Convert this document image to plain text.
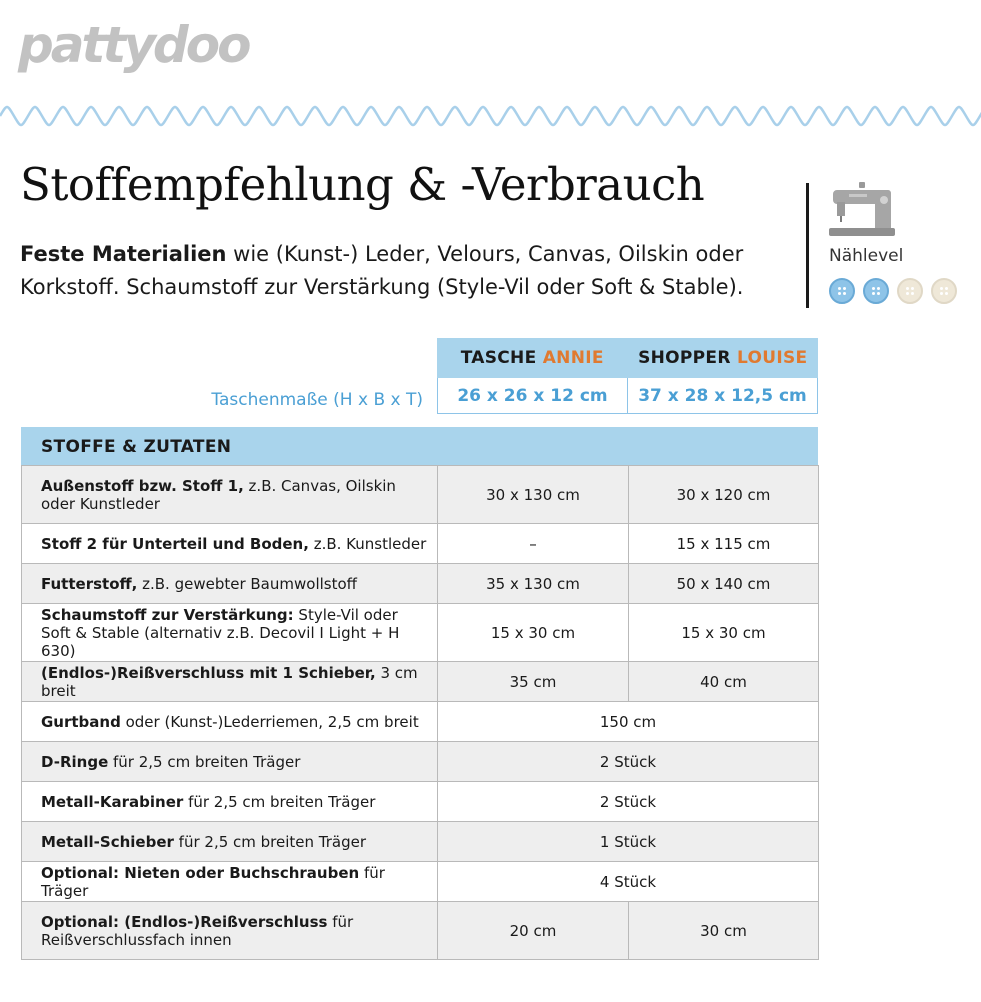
pattydoo
Stoffempfehlung & -Verbrauch

Feste Materialien wie (Kunst-) Leder, Velours, Canvas, Oilskin oder Korkstoff. Schaumstoff zur Verstärkung (Style-Vil oder Soft & Stable).

Nählevel
TASCHE ANNIE	SHOPPER LOUISE
26 x 26 x 12 cm	37 x 28 x 12,5 cm
Taschenmaße (H x B x T)
STOFFE & ZUTATEN
Außenstoff bzw. Stoff 1, z.B. Canvas, Oilskin oder Kunstleder	30 x 130 cm	30 x 120 cm
Stoff 2 für Unterteil und Boden, z.B. Kunstleder	–	15 x 115 cm
Futterstoff, z.B. gewebter Baumwollstoff	35 x 130 cm	50 x 140 cm
Schaumstoff zur Verstärkung: Style-Vil oder Soft & Stable (alternativ z.B. Decovil I Light + H 630)	15 x 30 cm	15 x 30 cm
(Endlos-)Reißverschluss mit 1 Schieber, 3 cm breit	35 cm	40 cm
Gurtband oder (Kunst-)Lederriemen, 2,5 cm breit	150 cm	
D-Ringe für 2,5 cm breiten Träger	2 Stück	
Metall-Karabiner für 2,5 cm breiten Träger	2 Stück	
Metall-Schieber für 2,5 cm breiten Träger	1 Stück	
Optional: Nieten oder Buchschrauben für Träger	4 Stück	
Optional: (Endlos-)Reißverschluss für Reißverschlussfach innen	20 cm	30 cm
